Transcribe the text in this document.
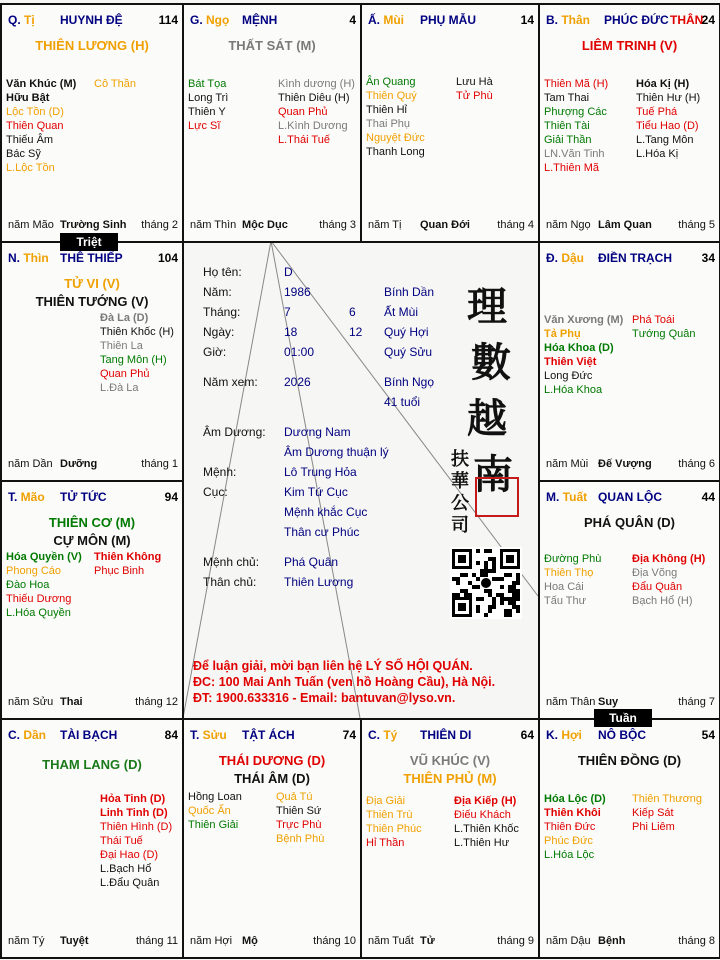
Q. Tị HUYNH ĐỆ	114
THIÊN LƯƠNG (H)
Văn Khúc (M)
Hữu Bật
Lộc Tồn (D)
Thiên Quan
Thiếu Âm
Bác Sỹ
L.Lộc Tồn
Cô Thần
năm Mão Trường Sinh tháng 2
G. Ngọ MỆNH	4
THẤT SÁT (M)
Bát Tọa
Long Trì
Thiên Y
Lực Sĩ
Kình dương (H)
Thiên Diêu (H)
Quan Phủ
L.Kình Dương
L.Thái Tuế
năm Thìn Mộc Dục	tháng 3
Ấ. Mùi PHỤ MẪU	14
Ân Quang
Thiên Quý
Thiên Hỉ
Thai Phụ
Nguyệt Đức
Thanh Long
Lưu Hà
Tử Phù
năm Tị Quan Đới tháng 4
B. Thân PHÚC ĐỨC THÂN
24
LIÊM TRINH (V)
Thiên Mã (H)
Tam Thai
Phượng Các
Thiên Tài
Giải Thần
LN.Văn Tinh
L.Thiên Mã
Hóa Kị (H)
Thiên Hư (H)
Tuế Phá
Tiểu Hao (D)
L.Tang Môn
L.Hóa Kị
năm Ngọ Lâm Quan tháng 5
N. Thìn THÊ THIẾP	104
TỬ VI (V)
THIÊN TƯỚNG (V)
Đà La (D)
Thiên Khốc (H)
Thiên La
Tang Môn (H)
Quan Phủ
L.Đà La
năm Dần Dưỡng	tháng 1
Đ. Dậu ĐIỀN TRẠCH 34
Văn Xương (M)
Tả Phụ
Hóa Khoa (D)
Thiên Việt
Long Đức
L.Hóa Khoa
Phá Toái
Tướng Quân
năm Mùi Đế Vượng tháng 6
T. Mão TỬ TỨC	94
THIÊN CƠ (M)
CỰ MÔN (M)
Hóa Quyền (V)
Phong Cáo
Đào Hoa
Thiếu Dương
L.Hóa Quyền
Thiên Không
Phục Binh
năm Sửu Thai	tháng 12
M. Tuất QUAN LỘC	44
PHÁ QUÂN (D)
Đường Phù
Thiên Thọ
Hoa Cái
Tấu Thư
Địa Không (H)
Địa Võng
Đẩu Quân
Bạch Hổ (H)
năm Thân Suy	tháng 7
C. Dần TÀI BẠCH	84
THAM LANG (D)
Hỏa Tinh (D)
Linh Tinh (D)
Thiên Hình (D)
Thái Tuế
Đại Hao (D)
L.Bạch Hổ
L.Đẩu Quân
năm Tý Tuyệt	tháng 11
T. Sửu TẬT ÁCH	74
THÁI DƯƠNG (D)
THÁI ÂM (D)
Hồng Loan
Quốc Ấn
Thiên Giải
Quả Tú
Thiên Sứ
Trực Phù
Bệnh Phù
năm Hợi Mộ	tháng 10
C. Tý THIÊN DI	64
VŨ KHÚC (V)
THIÊN PHỦ (M)
Địa Giải
Thiên Trù
Thiên Phúc
Hỉ Thần
Địa Kiếp (H)
Điếu Khách
L.Thiên Khốc
L.Thiên Hư
năm Tuất Tử	tháng 9
K. Hợi NÔ BỘC	54
THIÊN ĐỒNG (D)
Hóa Lộc (D)
Thiên Khôi
Thiên Đức
Phúc Đức
L.Hóa Lộc
Thiên Thương
Kiếp Sát
Phi Liêm
năm Dậu Bệnh	tháng 8
Triệt
Tuần
Họ tên:	D
Năm:	1986	Bính Dần
Tháng:	7	6 Ất Mùi
Ngày:	18	12 Quý Hợi
Giờ:	01:00	Quý Sửu
Năm xem: 2026	Bính Ngọ
41 tuổi
Âm Dương: Dương Nam
Âm Dương thuận lý
Mệnh:	Lô Trung Hỏa
Cục:	Kim Tứ Cục
Mệnh khắc Cục
Thân cư Phúc
Mệnh chủ: Phá Quân
Thân chủ: Thiên Lương
Để luận giải, mời bạn liên hệ LÝ SỐ HỘI QUÁN.
ĐC: 100 Mai Anh Tuấn (ven hồ Hoàng Cầu), Hà Nội.
ĐT: 1900.633316 - Email: bantuvan@lyso.vn.
理
數
越
南
扶
華
公
司
